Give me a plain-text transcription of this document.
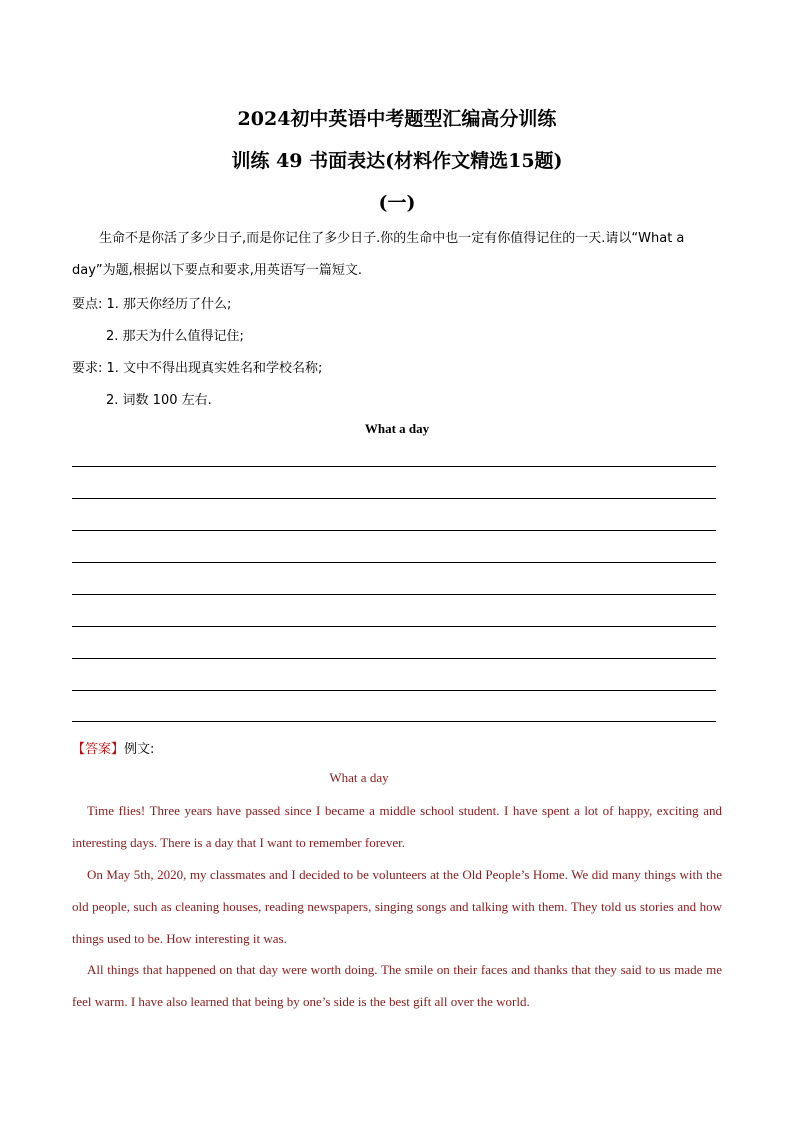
2024初中英语中考题型汇编高分训练
训练 49 书面表达(材料作文精选15题)
(一)
生命不是你活了多少日子,而是你记住了多少日子.你的生命中也一定有你值得记住的一天.请以“What a day”为题,根据以下要点和要求,用英语写一篇短文.
要点: 1. 那天你经历了什么;
2. 那天为什么值得记住;
要求: 1. 文中不得出现真实姓名和学校名称;
2. 词数 100 左右.
What a day
【答案】例文:
What a day
Time flies! Three years have passed since I became a middle school student. I have spent a lot of happy, exciting and interesting days. There is a day that I want to remember forever.
On May 5th, 2020, my classmates and I decided to be volunteers at the Old People’s Home. We did many things with the old people, such as cleaning houses, reading newspapers, singing songs and talking with them. They told us stories and how things used to be. How interesting it was.
All things that happened on that day were worth doing. The smile on their faces and thanks that they said to us made me feel warm. I have also learned that being by one’s side is the best gift all over the world.
